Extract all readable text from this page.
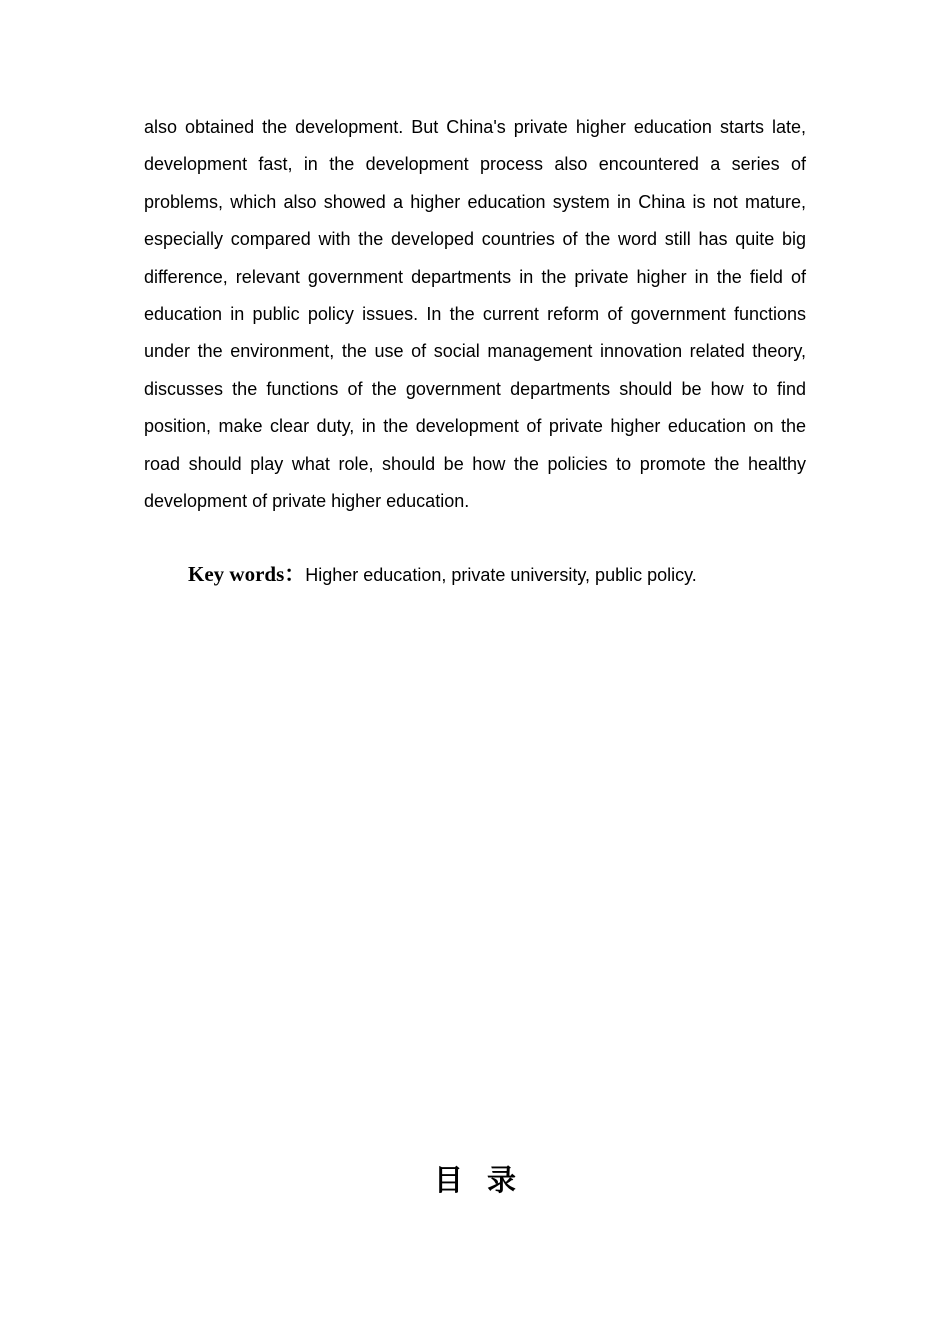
also obtained the development. But China's private higher education starts late, development fast, in the development process also encountered a series of problems, which also showed a higher education system in China is not mature, especially compared with the developed countries of the word still has quite big difference, relevant government departments in the private higher in the field of education in public policy issues. In the current reform of government functions under the environment, the use of social management innovation related theory, discusses the functions of the government departments should be how to find position, make clear duty, in the development of private higher education on the road should play what role, should be how the policies to promote the healthy development of private higher education.

Key words：Higher education, private university, public policy.

目录
